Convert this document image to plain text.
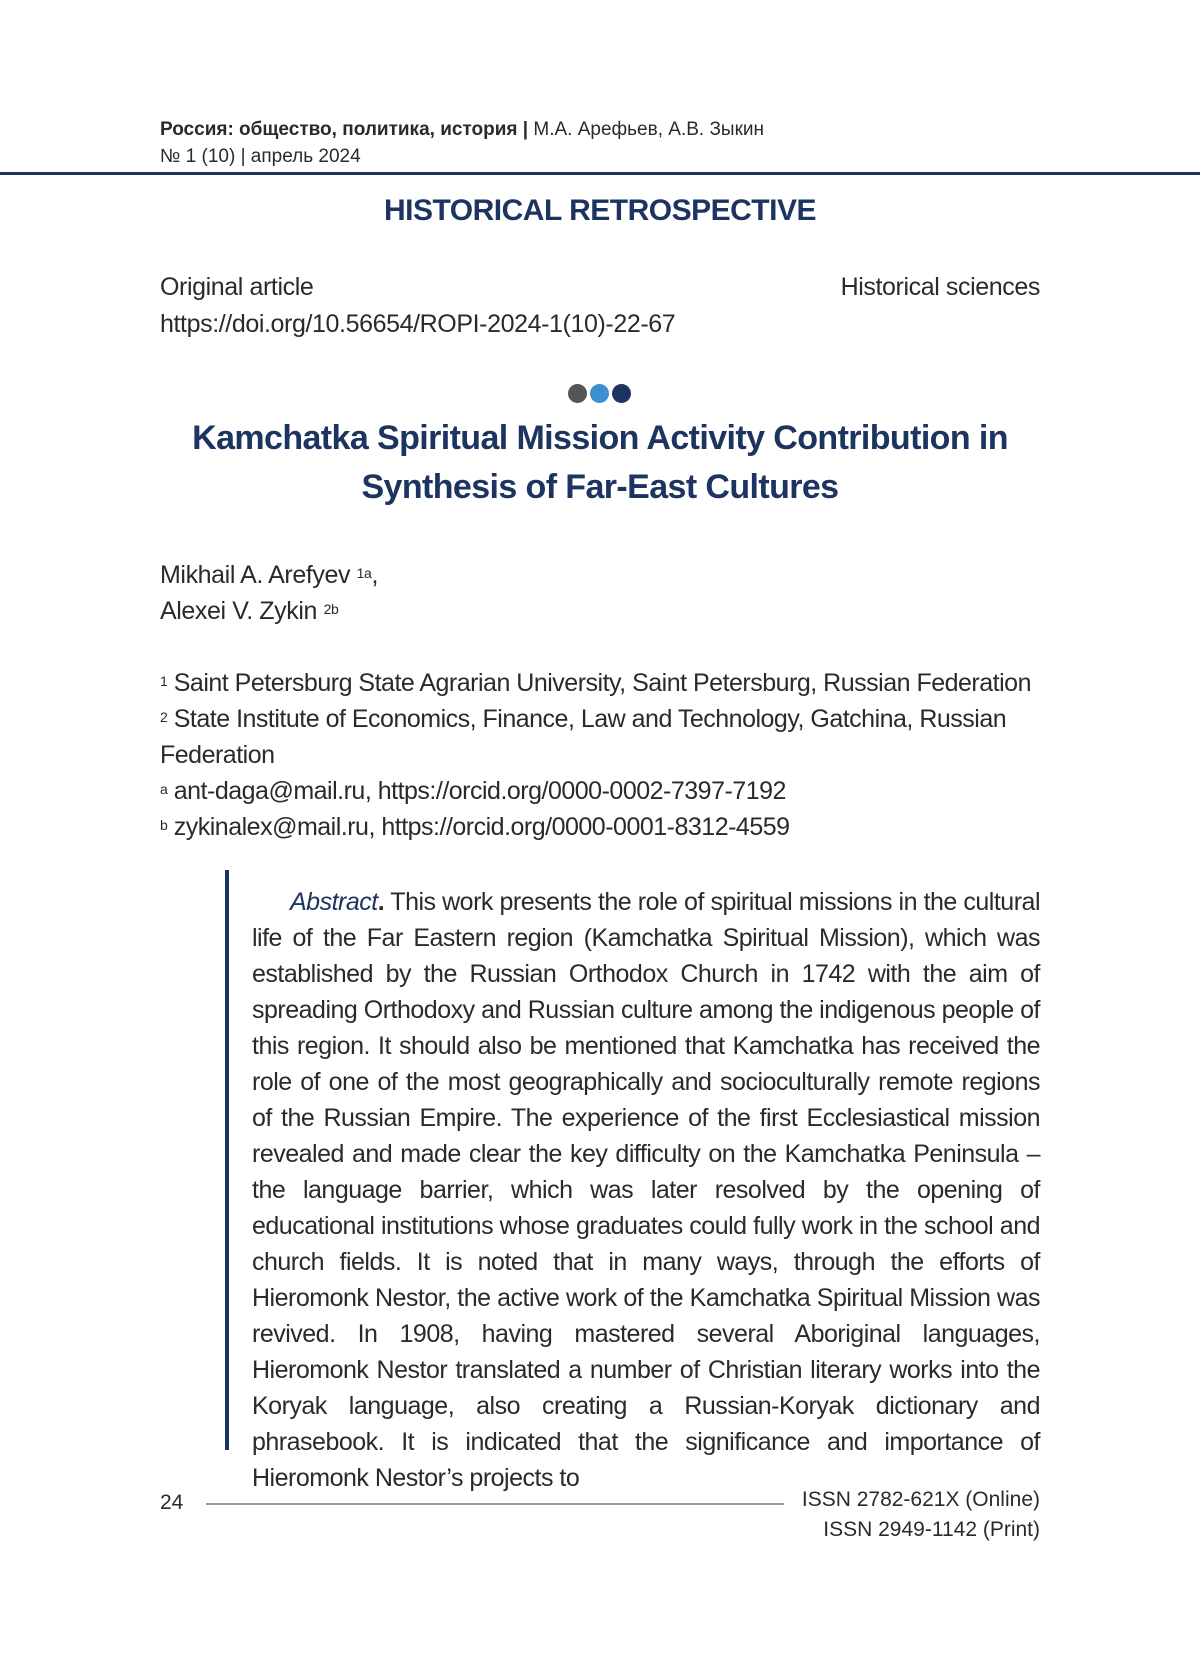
Россия: общество, политика, история | М.А. Арефьев, А.В. Зыкин
№ 1 (10) | апрель 2024
HISTORICAL RETROSPECTIVE
Original article
https://doi.org/10.56654/ROPI-2024-1(10)-22-67
Historical sciences
Kamchatka Spiritual Mission Activity Contribution in
Synthesis of Far-East Cultures
Mikhail A. Arefyev $^{1a}$,
Alexei V. Zykin $^{2b}$
$^1$ Saint Petersburg State Agrarian University, Saint Petersburg, Russian Federation
$^2$ State Institute of Economics, Finance, Law and Technology, Gatchina, Russian Federation
$^a$ ant-daga@mail.ru, https://orcid.org/0000-0002-7397-7192
$^b$ zykinalex@mail.ru, https://orcid.org/0000-0001-8312-4559

Abstract. This work presents the role of spiritual missions in the cultural life of the Far Eastern region (Kamchatka Spiritual Mission), which was established by the Russian Orthodox Church in 1742 with the aim of spreading Orthodoxy and Russian culture among the indigenous people of this region. It should also be mentioned that Kamchatka has received the role of one of the most geographically and socioculturally remote regions of the Russian Empire. The experience of the first Ecclesiastical mission revealed and made clear the key difficulty on the Kamchatka Peninsula – the language barrier, which was later resolved by the opening of educational institutions whose graduates could fully work in the school and church fields. It is noted that in many ways, through the efforts of Hieromonk Nestor, the active work of the Kamchatka Spiritual Mission was revived. In 1908, having mastered several Aboriginal languages, Hieromonk Nestor translated a number of Christian literary works into the Koryak language, also creating a Russian-Koryak dictionary and phrasebook. It is indicated that the significance and importance of Hieromonk Nestor’s projects to

24	ISSN 2782-621X (Online)
ISSN 2949-1142 (Print)
